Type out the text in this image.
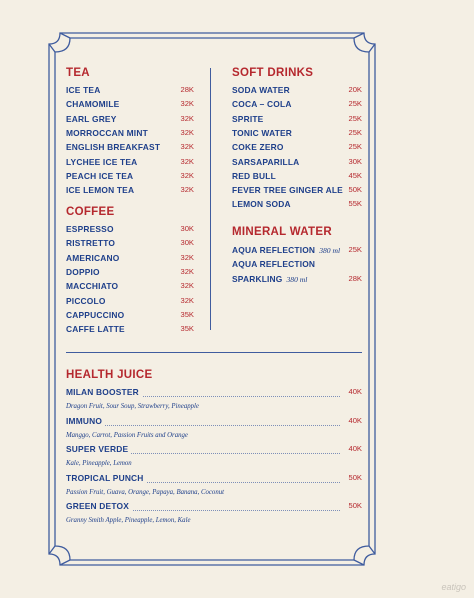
TEA
ICE TEA	28K
CHAMOMILE	32K
EARL GREY	32K
MORROCCAN MINT	32K
ENGLISH BREAKFAST	32K
LYCHEE ICE TEA	32K
PEACH ICE TEA	32K
ICE LEMON TEA	32K
COFFEE
ESPRESSO	30K
RISTRETTO	30K
AMERICANO	32K
DOPPIO	32K
MACCHIATO	32K
PICCOLO	32K
CAPPUCCINO	35K
CAFFE LATTE	35K
SOFT DRINKS
SODA WATER	20K
COCA – COLA	25K
SPRITE	25K
TONIC WATER	25K
COKE ZERO	25K
SARSAPARILLA	30K
RED BULL	45K
FEVER TREE GINGER ALE 50K
LEMON SODA	55K
MINERAL WATER
AQUA REFLECTION 380 ml	25K
AQUA REFLECTION
SPARKLING 380 ml	28K
HEALTH JUICE
MILAN BOOSTER	40K
Dragon Fruit, Sour Soup, Strawberry, Pineapple
IMMUNO	40K
Manggo, Carrot, Passion Fruits and Orange
SUPER VERDE	40K
Kale, Pineapple, Lemon
TROPICAL PUNCH	50K
Passion Fruit, Guava, Orange, Papaya, Banana, Coconut
GREEN DETOX	50K
Granny Smith Apple, Pineapple, Lemon, Kale
eatigo
